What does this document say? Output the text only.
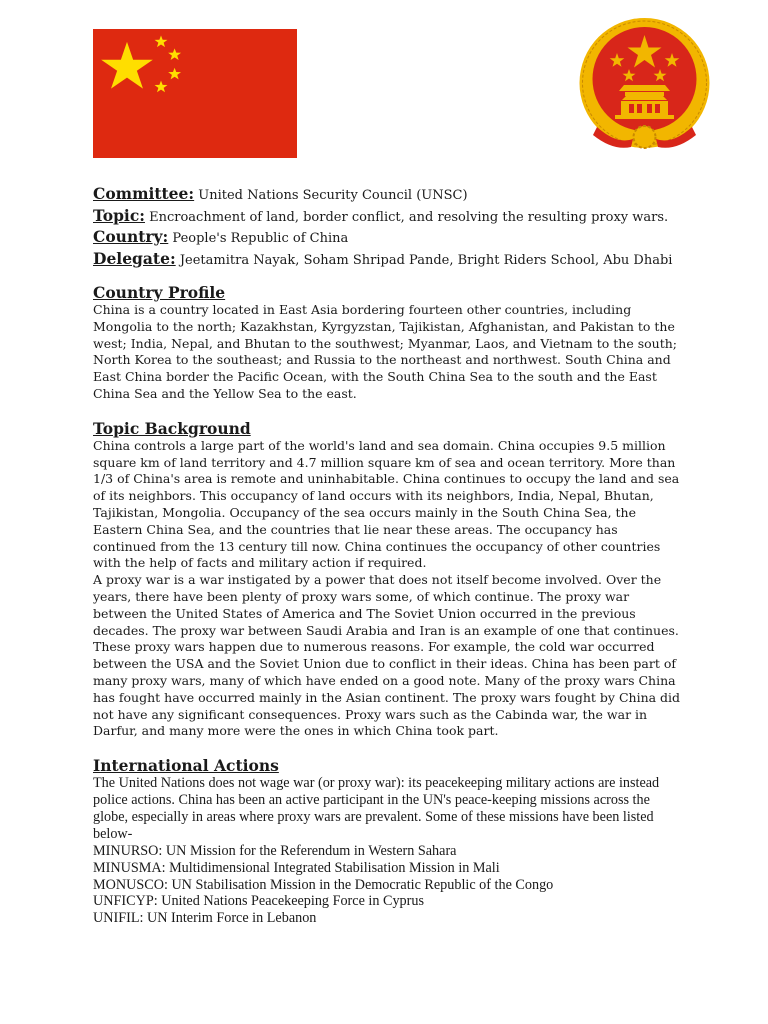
Committee: United Nations Security Council (UNSC)
Topic: Encroachment of land, border conflict, and resolving the resulting proxy wars.
Country: People's Republic of China
Delegate: Jeetamitra Nayak, Soham Shripad Pande, Bright Riders School, Abu Dhabi
Country Profile

China is a country located in East Asia bordering fourteen other countries, including Mongolia to the north; Kazakhstan, Kyrgyzstan, Tajikistan, Afghanistan, and Pakistan to the west; India, Nepal, and Bhutan to the southwest; Myanmar, Laos, and Vietnam to the south; North Korea to the southeast; and Russia to the northeast and northwest. South China and East China border the Pacific Ocean, with the South China Sea to the south and the East China Sea and the Yellow Sea to the east.

Topic Background

China controls a large part of the world's land and sea domain. China occupies 9.5 million square km of land territory and 4.7 million square km of sea and ocean territory. More than 1/3 of China's area is remote and uninhabitable. China continues to occupy the land and sea of its neighbors. This occupancy of land occurs with its neighbors, India, Nepal, Bhutan, Tajikistan, Mongolia. Occupancy of the sea occurs mainly in the South China Sea, the Eastern China Sea, and the countries that lie near these areas. The occupancy has continued from the 13 century till now. China continues the occupancy of other countries with the help of facts and military action if required.

A proxy war is a war instigated by a power that does not itself become involved. Over the years, there have been plenty of proxy wars some, of which continue. The proxy war between the United States of America and The Soviet Union occurred in the previous decades. The proxy war between Saudi Arabia and Iran is an example of one that continues. These proxy wars happen due to numerous reasons. For example, the cold war occurred between the USA and the Soviet Union due to conflict in their ideas. China has been part of many proxy wars, many of which have ended on a good note. Many of the proxy wars China has fought have occurred mainly in the Asian continent. The proxy wars fought by China did not have any significant consequences. Proxy wars such as the Cabinda war, the war in Darfur, and many more were the ones in which China took part.

International Actions

The United Nations does not wage war (or proxy war): its peacekeeping military actions are instead police actions. China has been an active participant in the UN's peace-keeping missions across the globe, especially in areas where proxy wars are prevalent. Some of these missions have been listed below-

MINURSO: UN Mission for the Referendum in Western Sahara

MINUSMA: Multidimensional Integrated Stabilisation Mission in Mali

MONUSCO: UN Stabilisation Mission in the Democratic Republic of the Congo

UNFICYP: United Nations Peacekeeping Force in Cyprus

UNIFIL: UN Interim Force in Lebanon
